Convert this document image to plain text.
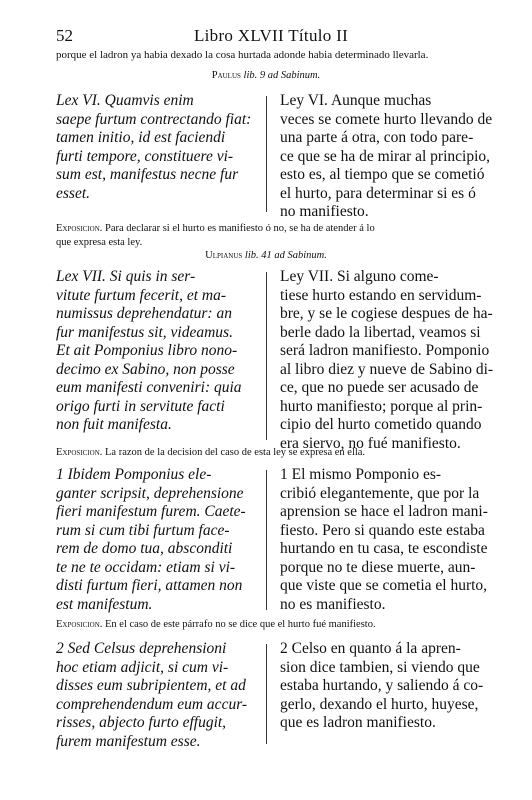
52	Libro XLVII Título II
porque el ladron ya habia dexado la cosa hurtada adonde habia determinado llevarla.
Paulus lib. 9 ad Sabinum.
Lex VI. Quamvis enim
saepe furtum contrectando fiat:
tamen initio, id est faciendi
furti tempore, constituere vi-
sum est, manifestus necne fur
esset.
Ley VI. Aunque muchas
veces se comete hurto llevando de
una parte á otra, con todo pare-
ce que se ha de mirar al principio,
esto es, al tiempo que se cometió
el hurto, para determinar si es ó
no manifiesto.
Exposicion. Para declarar si el hurto es manifiesto ó no, se ha de atender á lo
que expresa esta ley.
Ulpianus lib. 41 ad Sabinum.
Lex VII. Si quis in ser-
vitute furtum fecerit, et ma-
numissus deprehendatur: an
fur manifestus sit, videamus.
Et ait Pomponius libro nono-
decimo ex Sabino, non posse
eum manifesti conveniri: quia
origo furti in servitute facti
non fuit manifesta.
Ley VII. Si alguno come-
tiese hurto estando en servidum-
bre, y se le cogiese despues de ha-
berle dado la libertad, veamos si
será ladron manifiesto. Pomponio
al libro diez y nueve de Sabino di-
ce, que no puede ser acusado de
hurto manifiesto; porque al prin-
cipio del hurto cometido quando
era siervo, no fué manifiesto.
Exposicion. La razon de la decision del caso de esta ley se expresa en ella.
1 Ibidem Pomponius ele-
ganter scripsit, deprehensione
fieri manifestum furem. Caete-
rum si cum tibi furtum face-
rem de domo tua, absconditi
te ne te occidam: etiam si vi-
disti furtum fieri, attamen non
est manifestum.
1 El mismo Pomponio es-
cribió elegantemente, que por la
aprension se hace el ladron mani-
fiesto. Pero si quando este estaba
hurtando en tu casa, te escondiste
porque no te diese muerte, aun-
que viste que se cometia el hurto,
no es manifiesto.
Exposicion. En el caso de este párrafo no se dice que el hurto fué manifiesto.
2 Sed Celsus deprehensioni
hoc etiam adjicit, si cum vi-
disses eum subripientem, et ad
comprehendendum eum accur-
risses, abjecto furto effugit,
furem manifestum esse.
2 Celso en quanto á la apren-
sion dice tambien, si viendo que
estaba hurtando, y saliendo á co-
gerlo, dexando el hurto, huyese,
que es ladron manifiesto.
